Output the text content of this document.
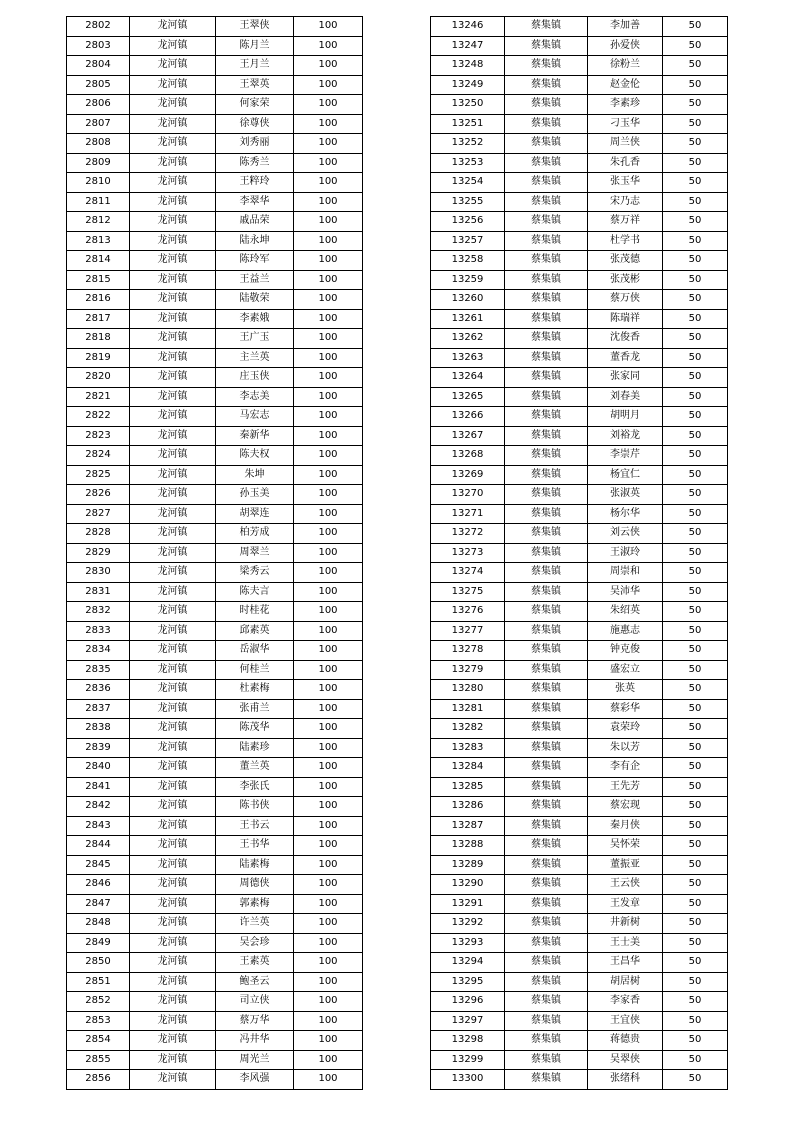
2802	龙河镇	王翠侠	100
2803	龙河镇	陈月兰	100
2804	龙河镇	王月兰	100
2805	龙河镇	王翠英	100
2806	龙河镇	何家荣	100
2807	龙河镇	徐尊侠	100
2808	龙河镇	刘秀丽	100
2809	龙河镇	陈秀兰	100
2810	龙河镇	王粹玲	100
2811	龙河镇	李翠华	100
2812	龙河镇	戚品荣	100
2813	龙河镇	陆永坤	100
2814	龙河镇	陈玲军	100
2815	龙河镇	王益兰	100
2816	龙河镇	陆敬荣	100
2817	龙河镇	李素娥	100
2818	龙河镇	王广玉	100
2819	龙河镇	主兰英	100
2820	龙河镇	庄玉侠	100
2821	龙河镇	李志美	100
2822	龙河镇	马宏志	100
2823	龙河镇	秦新华	100
2824	龙河镇	陈夫权	100
2825	龙河镇	朱坤	100
2826	龙河镇	孙玉美	100
2827	龙河镇	胡翠连	100
2828	龙河镇	柏芳成	100
2829	龙河镇	周翠兰	100
2830	龙河镇	梁秀云	100
2831	龙河镇	陈夫言	100
2832	龙河镇	时桂花	100
2833	龙河镇	邱素英	100
2834	龙河镇	岳淑华	100
2835	龙河镇	何桂兰	100
2836	龙河镇	杜素梅	100
2837	龙河镇	张甫兰	100
2838	龙河镇	陈茂华	100
2839	龙河镇	陆素珍	100
2840	龙河镇	董兰英	100
2841	龙河镇	李张氏	100
2842	龙河镇	陈书侠	100
2843	龙河镇	王书云	100
2844	龙河镇	王书华	100
2845	龙河镇	陆素梅	100
2846	龙河镇	周德侠	100
2847	龙河镇	郭素梅	100
2848	龙河镇	许兰英	100
2849	龙河镇	吴会珍	100
2850	龙河镇	王素英	100
2851	龙河镇	鲍圣云	100
2852	龙河镇	司立侠	100
2853	龙河镇	蔡万华	100
2854	龙河镇	冯井华	100
2855	龙河镇	周光兰	100
2856	龙河镇	李风强	100
13246	蔡集镇	李加善	50
13247	蔡集镇	孙爱侠	50
13248	蔡集镇	徐粉兰	50
13249	蔡集镇	赵金伦	50
13250	蔡集镇	李素珍	50
13251	蔡集镇	刁玉华	50
13252	蔡集镇	周兰侠	50
13253	蔡集镇	朱孔香	50
13254	蔡集镇	张玉华	50
13255	蔡集镇	宋乃志	50
13256	蔡集镇	蔡万祥	50
13257	蔡集镇	杜学书	50
13258	蔡集镇	张茂德	50
13259	蔡集镇	张茂彬	50
13260	蔡集镇	蔡万侠	50
13261	蔡集镇	陈瑞祥	50
13262	蔡集镇	沈俊香	50
13263	蔡集镇	董香龙	50
13264	蔡集镇	张家同	50
13265	蔡集镇	刘春美	50
13266	蔡集镇	胡明月	50
13267	蔡集镇	刘裕龙	50
13268	蔡集镇	李崇芹	50
13269	蔡集镇	杨宜仁	50
13270	蔡集镇	张淑英	50
13271	蔡集镇	杨尔华	50
13272	蔡集镇	刘云侠	50
13273	蔡集镇	王淑玲	50
13274	蔡集镇	周崇和	50
13275	蔡集镇	吴沛华	50
13276	蔡集镇	朱绍英	50
13277	蔡集镇	施惠志	50
13278	蔡集镇	钟克俊	50
13279	蔡集镇	盛宏立	50
13280	蔡集镇	张英	50
13281	蔡集镇	蔡彩华	50
13282	蔡集镇	袁荣玲	50
13283	蔡集镇	朱以芳	50
13284	蔡集镇	李有企	50
13285	蔡集镇	王先芳	50
13286	蔡集镇	蔡宏现	50
13287	蔡集镇	秦月侠	50
13288	蔡集镇	吴怀荣	50
13289	蔡集镇	董振亚	50
13290	蔡集镇	王云侠	50
13291	蔡集镇	王发章	50
13292	蔡集镇	井新树	50
13293	蔡集镇	王士美	50
13294	蔡集镇	王昌华	50
13295	蔡集镇	胡居树	50
13296	蔡集镇	李家香	50
13297	蔡集镇	王宜侠	50
13298	蔡集镇	蒋德贵	50
13299	蔡集镇	吴翠侠	50
13300	蔡集镇	张绪科	50
